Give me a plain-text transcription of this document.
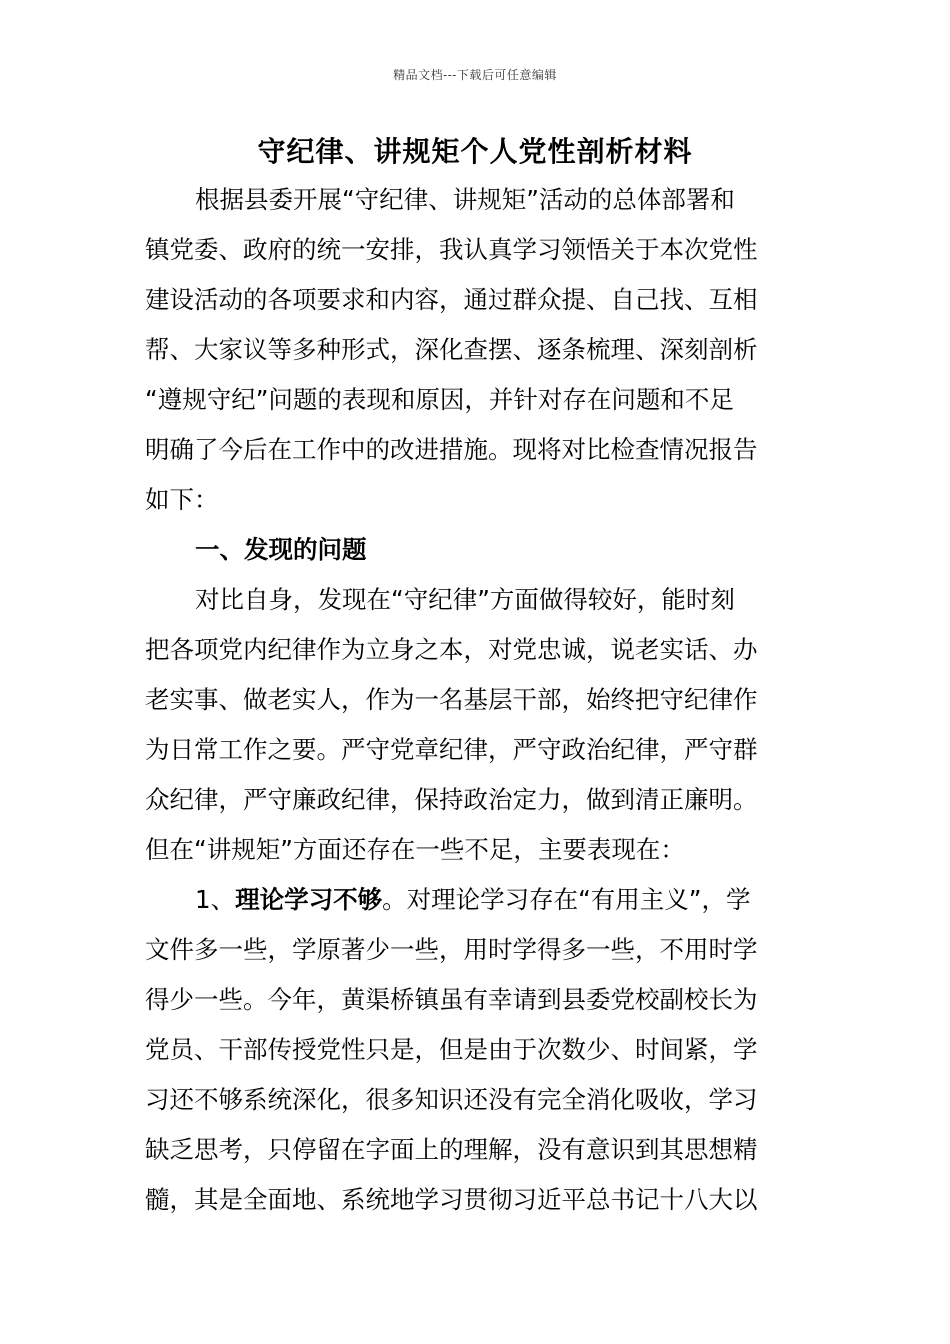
精品文档---下载后可任意编辑
守纪律、讲规矩个人党性剖析材料
根据县委开展“守纪律、讲规矩”活动的总体部署和
镇党委、政府的统一安排，我认真学习领悟关于本次党性
建设活动的各项要求和内容，通过群众提、自己找、互相
帮、大家议等多种形式，深化查摆、逐条梳理、深刻剖析
“遵规守纪”问题的表现和原因，并针对存在问题和不足
明确了今后在工作中的改进措施。现将对比检查情况报告
如下：
一、发现的问题
对比自身，发现在“守纪律”方面做得较好，能时刻
把各项党内纪律作为立身之本，对党忠诚，说老实话、办
老实事、做老实人，作为一名基层干部，始终把守纪律作
为日常工作之要。严守党章纪律，严守政治纪律，严守群
众纪律，严守廉政纪律，保持政治定力，做到清正廉明。
但在“讲规矩”方面还存在一些不足，主要表现在：
1、理论学习不够。对理论学习存在“有用主义”，学
文件多一些，学原著少一些，用时学得多一些，不用时学
得少一些。今年，黄渠桥镇虽有幸请到县委党校副校长为
党员、干部传授党性只是，但是由于次数少、时间紧，学
习还不够系统深化，很多知识还没有完全消化吸收，学习
缺乏思考，只停留在字面上的理解，没有意识到其思想精
髓，其是全面地、系统地学习贯彻习近平总书记十八大以
